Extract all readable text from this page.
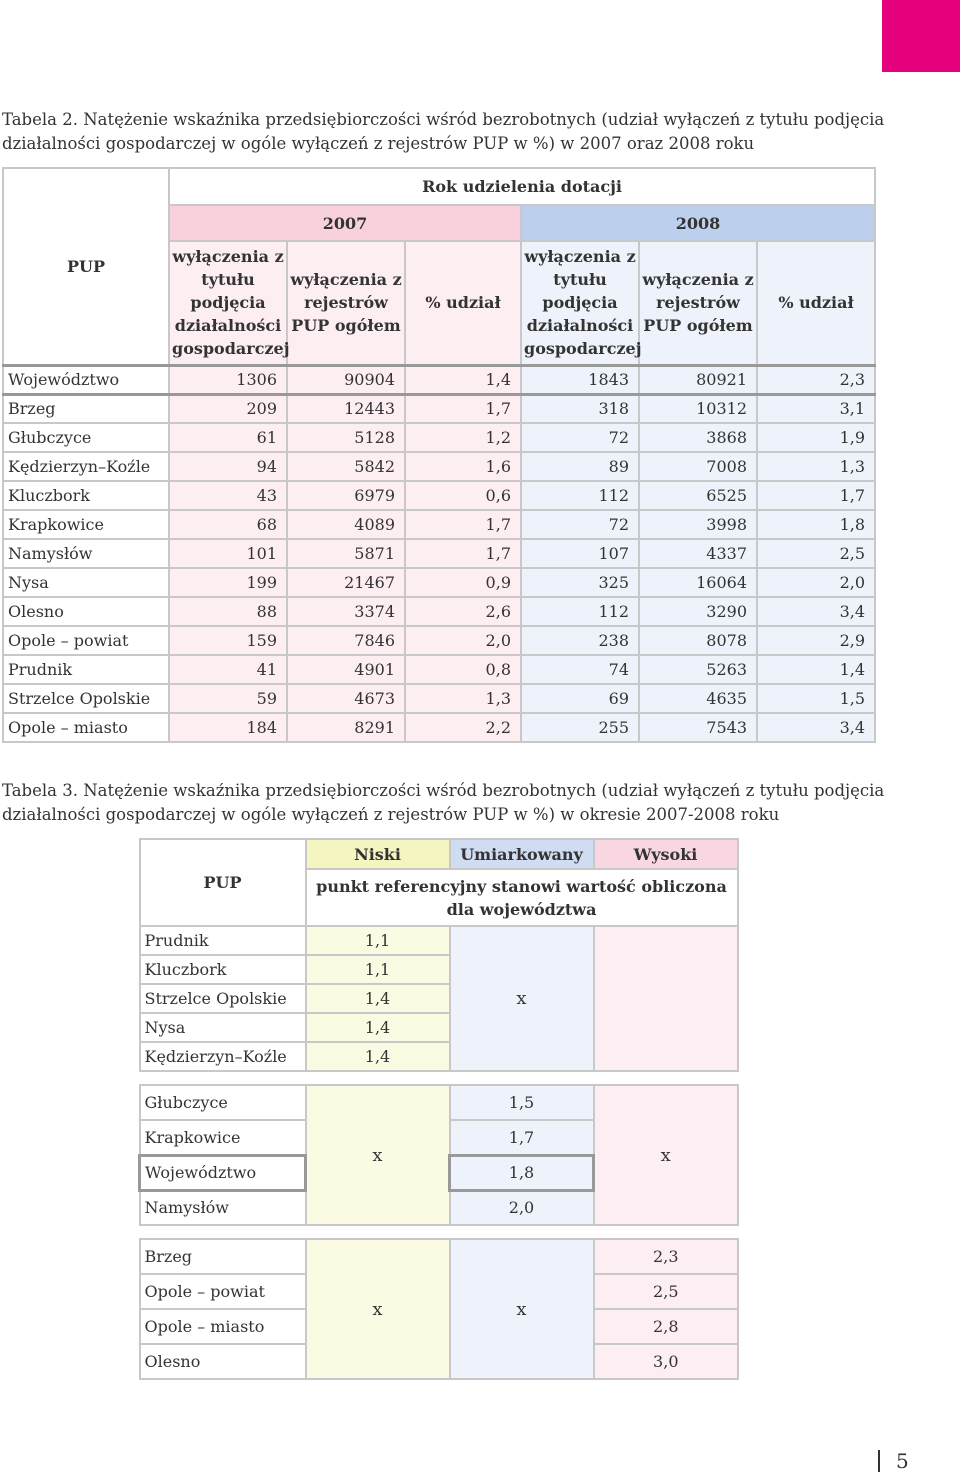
Tabela 2. Natężenie wskaźnika przedsiębiorczości wśród bezrobotnych (udział wyłączeń z tytułu podjęcia działalności gospodarczej w ogóle wyłączeń z rejestrów PUP w %) w 2007 oraz 2008 roku
PUP	Rok udzielenia dotacji					
	2007			2008		
	wyłączenia z tytułu podjęcia działalności gospodarczej	wyłączenia z rejestrów PUP ogółem	% udział	wyłączenia z tytułu podjęcia działalności gospodarczej	wyłączenia z rejestrów PUP ogółem	% udział
Województwo	1306	90904	1,4	1843	80921	2,3
Brzeg	209	12443	1,7	318	10312	3,1
Głubczyce	61	5128	1,2	72	3868	1,9
Kędzierzyn–Koźle	94	5842	1,6	89	7008	1,3
Kluczbork	43	6979	0,6	112	6525	1,7
Krapkowice	68	4089	1,7	72	3998	1,8
Namysłów	101	5871	1,7	107	4337	2,5
Nysa	199	21467	0,9	325	16064	2,0
Olesno	88	3374	2,6	112	3290	3,4
Opole – powiat	159	7846	2,0	238	8078	2,9
Prudnik	41	4901	0,8	74	5263	1,4
Strzelce Opolskie	59	4673	1,3	69	4635	1,5
Opole – miasto	184	8291	2,2	255	7543	3,4
Tabela 3. Natężenie wskaźnika przedsiębiorczości wśród bezrobotnych (udział wyłączeń z tytułu podjęcia działalności gospodarczej w ogóle wyłączeń z rejestrów PUP w %) w okresie 2007-2008 roku
PUP	Niski	Umiarkowany	Wysoki
	punkt referencyjny stanowi wartość obliczona dla województwa		
Prudnik	1,1	x	
Kluczbork	1,1		
Strzelce Opolskie	1,4		
Nysa	1,4		
Kędzierzyn–Koźle	1,4		

Głubczyce	x	1,5	x
Krapkowice		1,7	
Województwo		1,8	
Namysłów		2,0	

Brzeg	x	x	2,3
Opole – powiat			2,5
Opole – miasto			2,8
Olesno			3,0
5
